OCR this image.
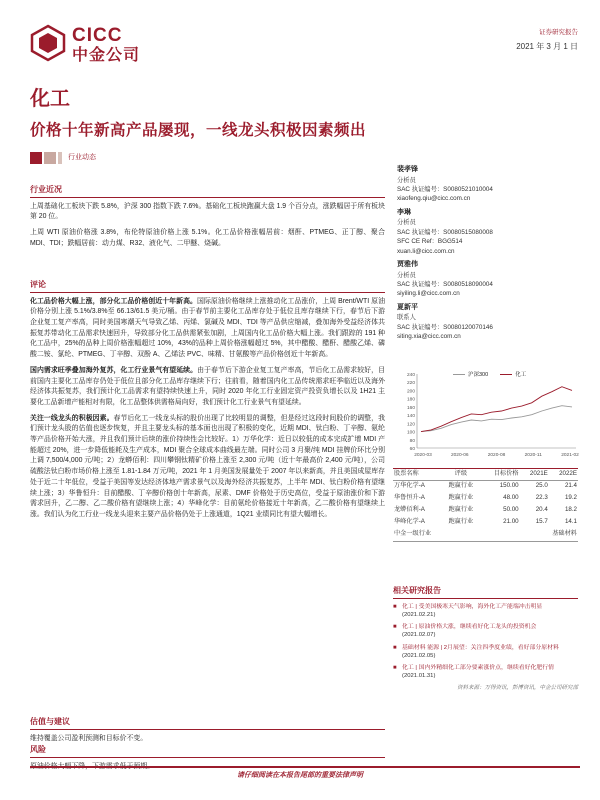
CICC
中金公司
证券研究报告
2021 年 3 月 1 日
化工
价格十年新高产品屡现，一线龙头积极因素频出
行业动态
行业近况

上周基础化工板块下跌 5.8%，沪深 300 指数下跌 7.6%。基础化工板块跑赢大盘 1.9 个百分点，涨跌幅居于所有板块第 20 位。

上周 WTI 原油价格涨 3.8%，布伦特原油价格上涨 5.1%。化工品价格涨幅居前：烟酐、PTMEG、正丁醇、聚合 MDI、TDI；跌幅居前：动力煤、R32、液化气、二甲醚、烧碱。

评论

化工品价格大幅上涨，部分化工品价格创近十年新高。国际原油价格继续上涨推动化工品涨价，上周 Brent/WTI 原油价格分别上涨 5.1%/3.8%至 66.13/61.5 美元/桶。由于春节前主要化工品库存处于低位且库存继续下行，春节后下游企业复工复产率高，同时美国寒潮天气导致乙烯、丙烯、氯碱及 MDI、TDI 等产品供应缩减，叠加海外受益经济体共振复苏带动化工品需求快速回升，导致部分化工品供需紧张加剧，上周国内化工品价格大幅上涨。我们跟踪的 191 种化工品中，25%的品种上周价格涨幅超过 10%，43%的品种上周价格涨幅超过 5%，其中醋酸、醋酐、醋酸乙烯、磷酸二铵、氯纶、PTMEG、丁辛醇、双酚 A、乙烯法 PVC、味精、甘氨酸等产品价格创近十年新高。

国内需求旺季叠加海外复苏，化工行业景气有望延续。由于春节后下游企业复工复产率高，节后化工品需求较好，目前国内主要化工品库存仍处于低位且部分化工品库存继续下行；往前看，随着国内化工品传统需求旺季临近以及海外经济体共振复苏，我们预计化工品需求有望持续快速上升，同时 2020 年化工行业固定资产投资负增长以及 1H21 主要化工品新增产能相对有限，化工品整体供需格局向好，我们预计化工行业景气有望延续。

关注一线龙头的积极因素。春节后化工一线龙头标的股价出现了比较明显的调整，但是经过这段时间股价的调整，我们预计龙头股的估值也逐步恢复，并且主要龙头标的基本面也出现了积极的变化，近期 MDI、钛白粉、丁辛醇、氨纶等产品价格开始大涨，并且我们预计后续的涨价持续性会比较好。1）万华化学：近日以较低的成本完成扩增 MDI 产能超过 20%，进一步降低能耗及生产成本，MDI 聚合全球成本曲线最左端。同时公司 3 月聚/纯 MDI 挂牌价环比分别上调 7,500/4,000 元/吨；2）龙蟒佰利：四川攀钢钛精矿价格上涨至 2,300 元/吨（近十年最高价 2,400 元/吨），公司硫酸法钛白粉市场价格上涨至 1.81-1.84 万元/吨，2021 年 1 月美国发展量处于 2007 年以来新高，并且美国成屋库存处于近二十年低位，受益于美国等发达经济体地产需求景气以及海外经济共振复苏，上半年 MDI、钛白粉价格有望继续上涨；3）华鲁恒升：目前醋酸、丁辛醇价格创十年新高，尿素、DMF 价格处于历史高位，受益于原油涨价和下游需求回升，乙二醇、乙二酸价格有望继续上涨；4）华峰化学：目前氨纶价格接近十年新高，乙二酸价格有望继续上涨。我们认为化工行业一线龙头迎来主要产品价格仍处于上涨通道，1Q21 业绩同比有望大幅增长。

估值与建议

维持覆盖公司盈利预测和目标价不变。

风险

裴孝锋
分析员
SAC 执证编号：S0080521010004
xiaofeng.qiu@cicc.com.cn
李琳
分析员
SAC 执证编号：S0080515080008
SFC CE Ref：BGG514
xuan.li@cicc.com.cn
贾雅伟
分析员
SAC 执证编号：S0080518090004
siyiling.li@cicc.com.cn
夏新平
联系人
SAC 执证编号：S0080120070146
siting.xia@cicc.com.cn
沪深300	化工
240
220
200
180
160
140
120
100
80
60
2020-03	2020-06	2020-08	2020-11	2021-02
股票名称	评级	目标价格	2021E	2022E
万华化学-A	跑赢行业	150.00	25.0	21.4
华鲁恒升-A	跑赢行业	48.00	22.3	19.2
龙蟒佰利-A	跑赢行业	50.00	20.4	18.2
华峰化学-A	跑赢行业	21.00	15.7	14.1
中金一级行业			基础材料	
相关研究报告
■ 化工 | 受美国极寒天气影响，海外化工产能端冲击明显
(2021.02.21)
■ 化工 | 原油价格大涨，继续看好化工龙头的投资机会
(2021.02.07)
■ 基础材料 能源 | 2月展望：关注四季度业绩，看好部分原材料
(2021.02.05)
■ 化工 | 国内外精细化工部分要素涨价点，继续看好化肥行情
(2021.01.31)
资料来源：万得资讯，彭博资讯，中金公司研究部
请仔细阅读在本报告尾部的重要法律声明
